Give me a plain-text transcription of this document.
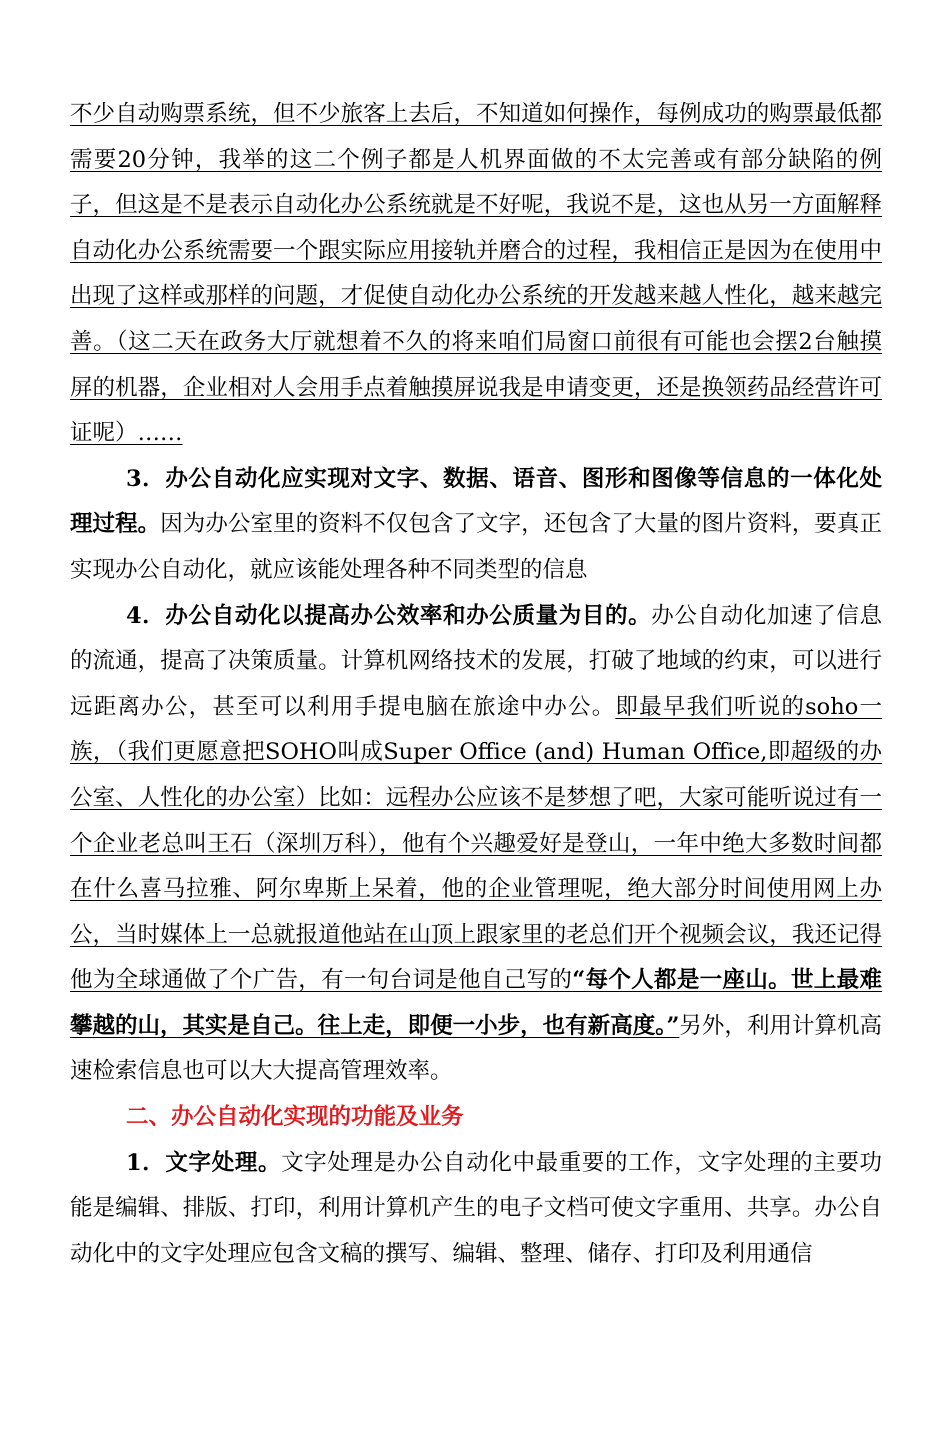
不少自动购票系统，但不少旅客上去后，不知道如何操作，每例成功的购票最低都需要20分钟，我举的这二个例子都是人机界面做的不太完善或有部分缺陷的例子，但这是不是表示自动化办公系统就是不好呢，我说不是，这也从另一方面解释自动化办公系统需要一个跟实际应用接轨并磨合的过程，我相信正是因为在使用中出现了这样或那样的问题，才促使自动化办公系统的开发越来越人性化，越来越完善。（这二天在政务大厅就想着不久的将来咱们局窗口前很有可能也会摆2台触摸屏的机器，企业相对人会用手点着触摸屏说我是申请变更，还是换领药品经营许可证呢）……

3．办公自动化应实现对文字、数据、语音、图形和图像等信息的一体化处理过程。因为办公室里的资料不仅包含了文字，还包含了大量的图片资料，要真正实现办公自动化，就应该能处理各种不同类型的信息

4．办公自动化以提高办公效率和办公质量为目的。办公自动化加速了信息的流通，提高了决策质量。计算机网络技术的发展，打破了地域的约束，可以进行远距离办公，甚至可以利用手提电脑在旅途中办公。即最早我们听说的soho一族，（我们更愿意把SOHO叫成Super Office (and) Human Office,即超级的办公室、人性化的办公室）比如：远程办公应该不是梦想了吧，大家可能听说过有一个企业老总叫王石（深圳万科），他有个兴趣爱好是登山，一年中绝大多数时间都在什么喜马拉雅、阿尔卑斯上呆着，他的企业管理呢，绝大部分时间使用网上办公，当时媒体上一总就报道他站在山顶上跟家里的老总们开个视频会议，我还记得他为全球通做了个广告，有一句台词是他自己写的“每个人都是一座山。世上最难攀越的山，其实是自己。往上走，即便一小步，也有新高度。”另外，利用计算机高速检索信息也可以大大提高管理效率。

二、办公自动化实现的功能及业务

1．文字处理。文字处理是办公自动化中最重要的工作，文字处理的主要功能是编辑、排版、打印，利用计算机产生的电子文档可使文字重用、共享。办公自动化中的文字处理应包含文稿的撰写、编辑、整理、储存、打印及利用通信
